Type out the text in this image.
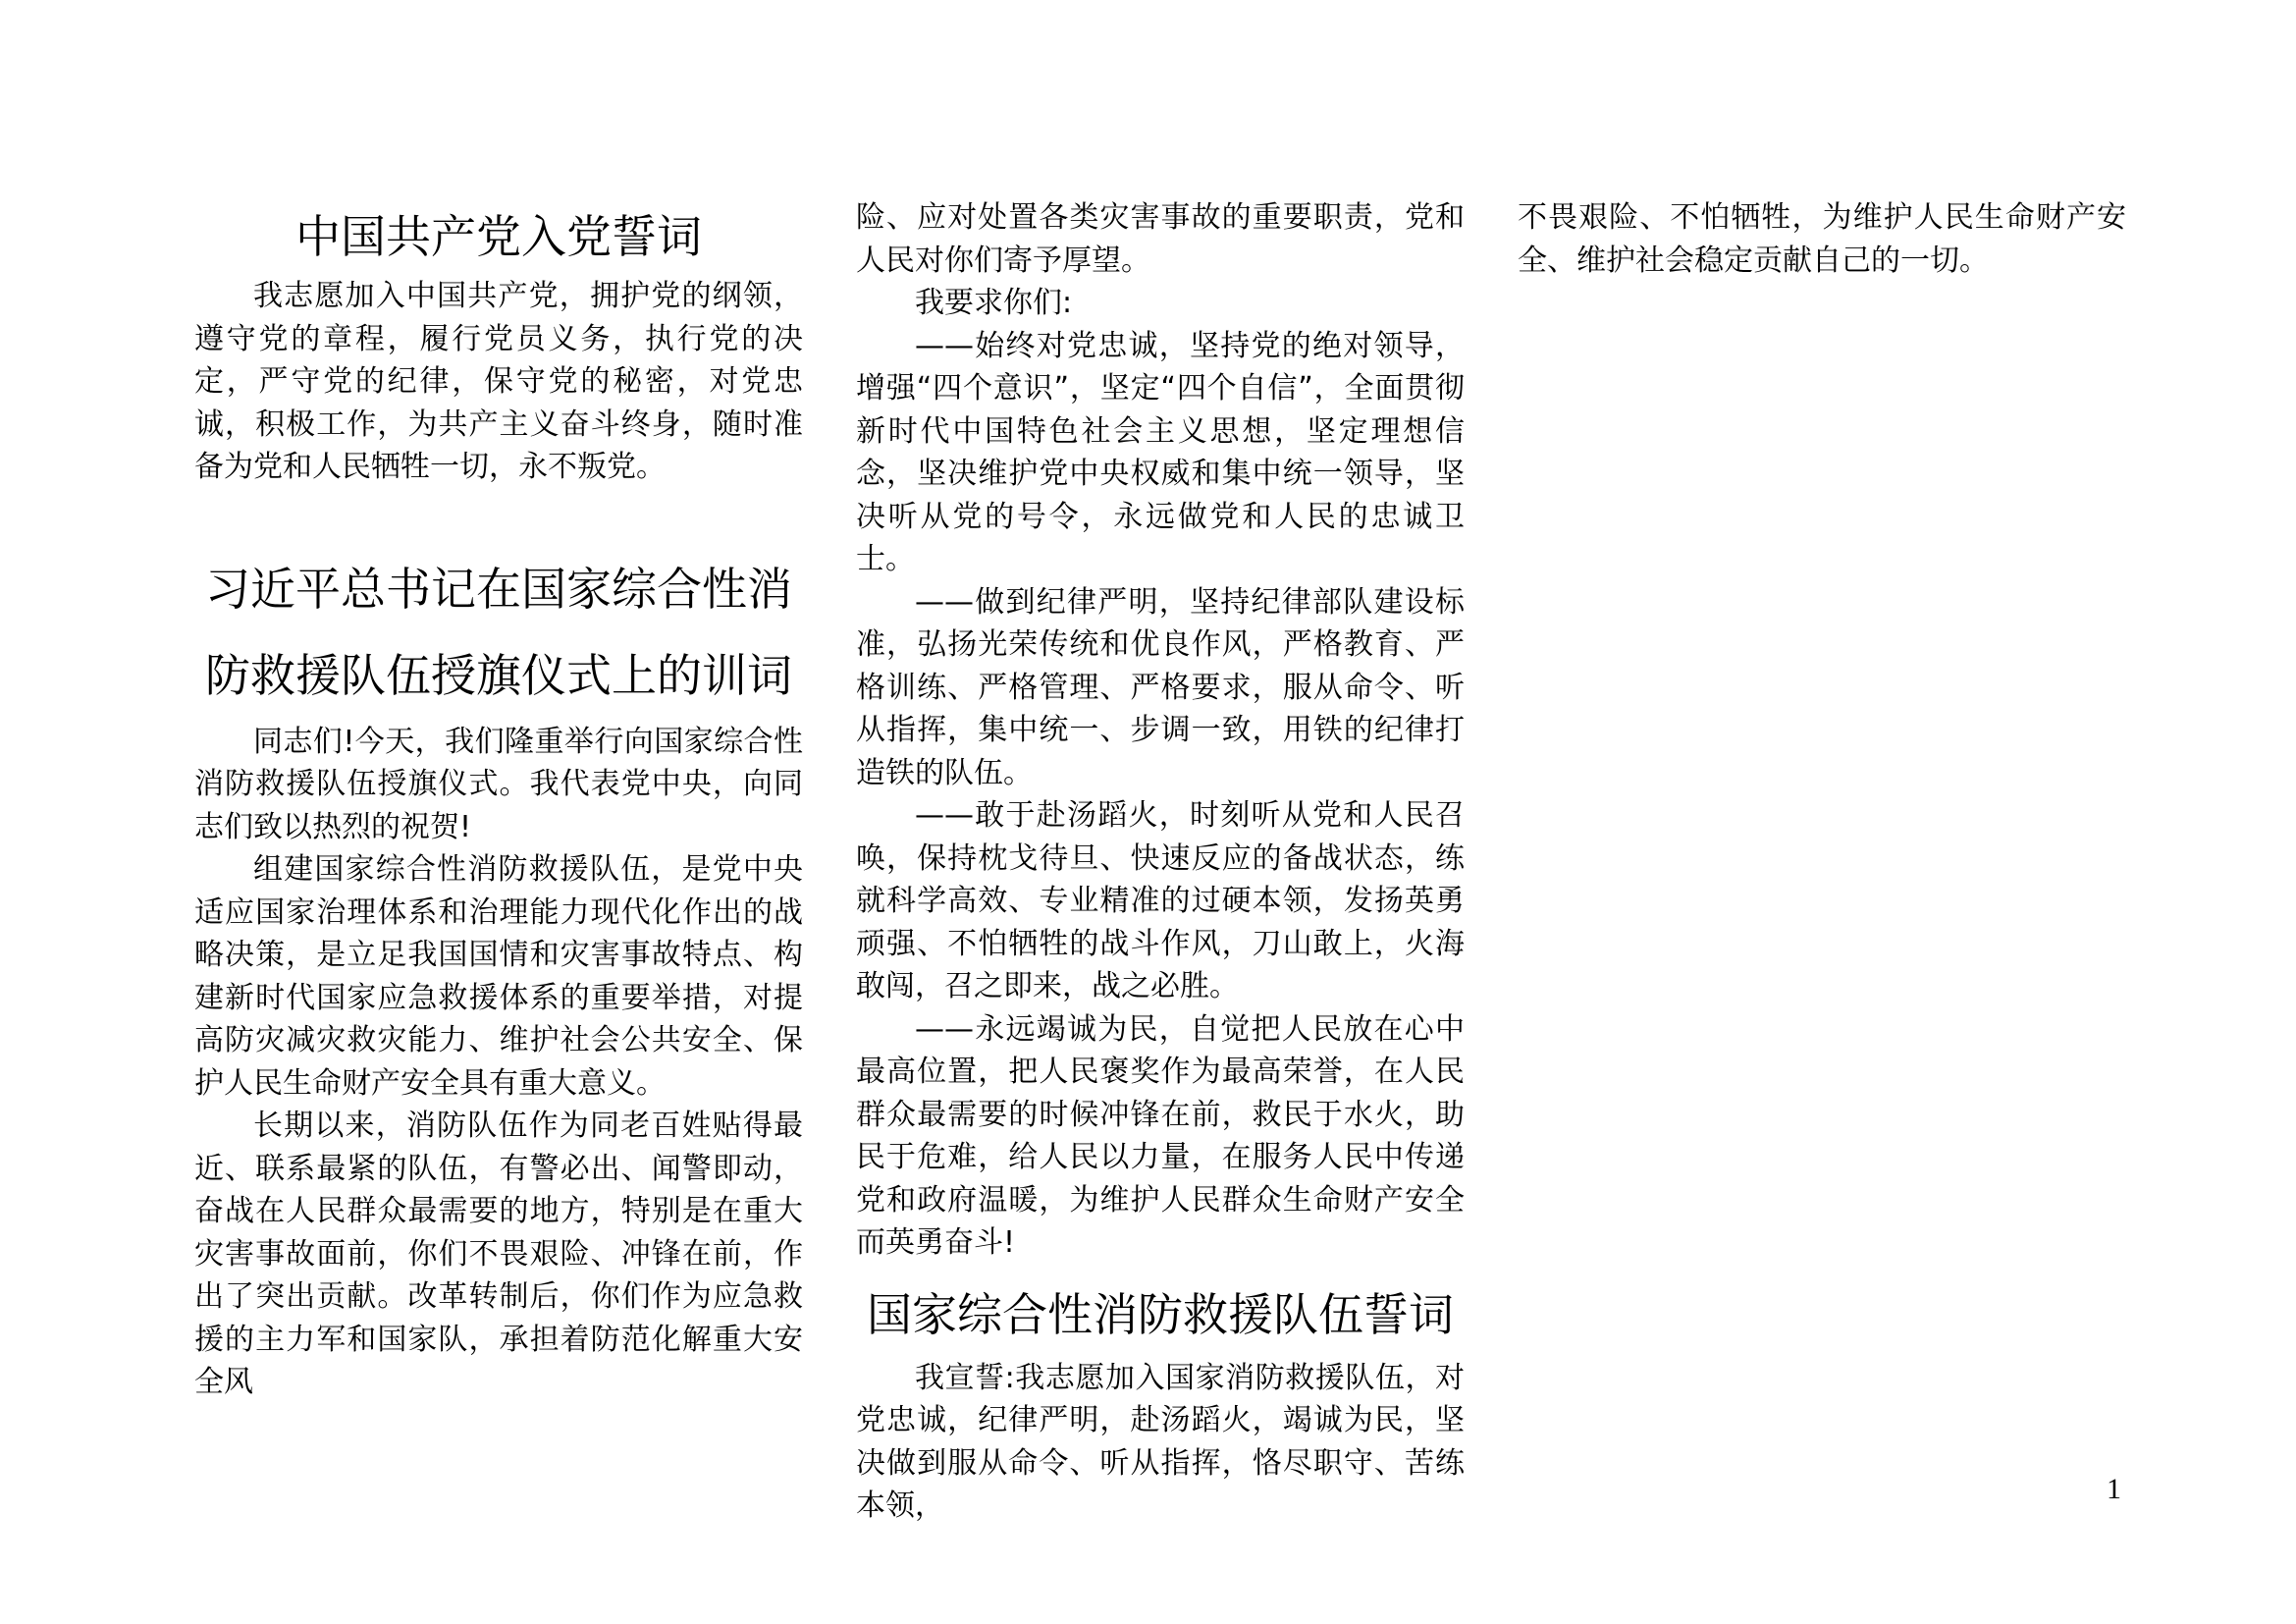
中国共产党入党誓词

我志愿加入中国共产党，拥护党的纲领，遵守党的章程，履行党员义务，执行党的决定，严守党的纪律，保守党的秘密，对党忠诚，积极工作，为共产主义奋斗终身，随时准备为党和人民牺牲一切，永不叛党。

习近平总书记在国家综合性消防救援队伍授旗仪式上的训词

同志们!今天，我们隆重举行向国家综合性消防救援队伍授旗仪式。我代表党中央，向同志们致以热烈的祝贺!

组建国家综合性消防救援队伍，是党中央适应国家治理体系和治理能力现代化作出的战略决策，是立足我国国情和灾害事故特点、构建新时代国家应急救援体系的重要举措，对提高防灾减灾救灾能力、维护社会公共安全、保护人民生命财产安全具有重大意义。

长期以来，消防队伍作为同老百姓贴得最近、联系最紧的队伍，有警必出、闻警即动，奋战在人民群众最需要的地方，特别是在重大灾害事故面前，你们不畏艰险、冲锋在前，作出了突出贡献。改革转制后，你们作为应急救援的主力军和国家队，承担着防范化解重大安全风

险、应对处置各类灾害事故的重要职责，党和人民对你们寄予厚望。

我要求你们:

——始终对党忠诚，坚持党的绝对领导，增强“四个意识”，坚定“四个自信”，全面贯彻新时代中国特色社会主义思想，坚定理想信念，坚决维护党中央权威和集中统一领导，坚决听从党的号令，永远做党和人民的忠诚卫士。

——做到纪律严明，坚持纪律部队建设标准，弘扬光荣传统和优良作风，严格教育、严格训练、严格管理、严格要求，服从命令、听从指挥，集中统一、步调一致，用铁的纪律打造铁的队伍。

——敢于赴汤蹈火，时刻听从党和人民召唤，保持枕戈待旦、快速反应的备战状态，练就科学高效、专业精准的过硬本领，发扬英勇顽强、不怕牺牲的战斗作风，刀山敢上，火海敢闯，召之即来，战之必胜。

——永远竭诚为民，自觉把人民放在心中最高位置，把人民褒奖作为最高荣誉，在人民群众最需要的时候冲锋在前，救民于水火，助民于危难，给人民以力量，在服务人民中传递党和政府温暖，为维护人民群众生命财产安全而英勇奋斗!

国家综合性消防救援队伍誓词

我宣誓:我志愿加入国家消防救援队伍，对党忠诚，纪律严明，赴汤蹈火，竭诚为民，坚决做到服从命令、听从指挥，恪尽职守、苦练本领，

不畏艰险、不怕牺牲，为维护人民生命财产安全、维护社会稳定贡献自己的一切。

1
